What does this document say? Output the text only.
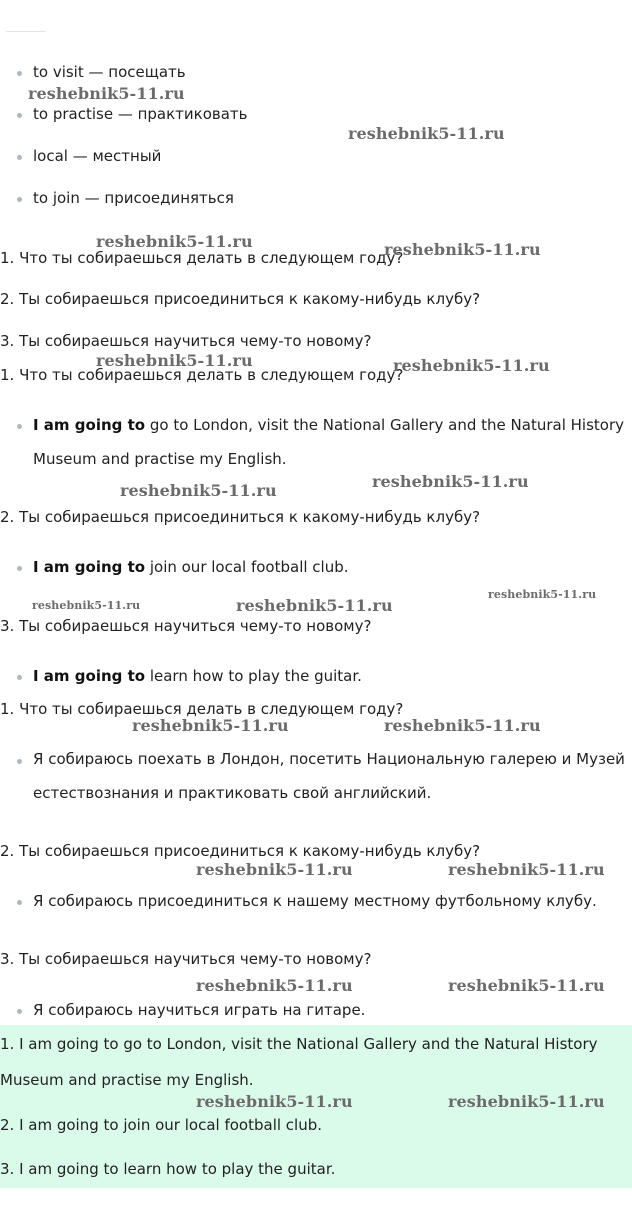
to visit — посещать
to practise — практиковать
local — местный
to join — присоединяться
1. Что ты собираешься делать в следующем году?
2. Ты собираешься присоединиться к какому-нибудь клубу?
3. Ты собираешься научиться чему-то новому?
1. Что ты собираешься делать в следующем году?
I am going to go to London, visit the National Gallery and the Natural History
Museum and practise my English.
2. Ты собираешься присоединиться к какому-нибудь клубу?
I am going to join our local football club.
3. Ты собираешься научиться чему-то новому?
I am going to learn how to play the guitar.
1. Что ты собираешься делать в следующем году?
Я собираюсь поехать в Лондон, посетить Национальную галерею и Музей
естествознания и практиковать свой английский.
2. Ты собираешься присоединиться к какому-нибудь клубу?
Я собираюсь присоединиться к нашему местному футбольному клубу.
3. Ты собираешься научиться чему-то новому?
Я собираюсь научиться играть на гитаре.
1. I am going to go to London, visit the National Gallery and the Natural History
Museum and practise my English.
2. I am going to join our local football club.
3. I am going to learn how to play the guitar.
reshebnik5-11.ru
reshebnik5-11.ru
reshebnik5-11.ru	reshebnik5-11.ru
reshebnik5-11.ru	reshebnik5-11.ru
reshebnik5-11.ru	reshebnik5-11.ru
reshebnik5-11.ru	reshebnik5-11.ru
reshebnik5-11.ru
reshebnik5-11.ru	reshebnik5-11.ru
reshebnik5-11.ru	reshebnik5-11.ru
reshebnik5-11.ru	reshebnik5-11.ru
reshebnik5-11.ru	reshebnik5-11.ru
